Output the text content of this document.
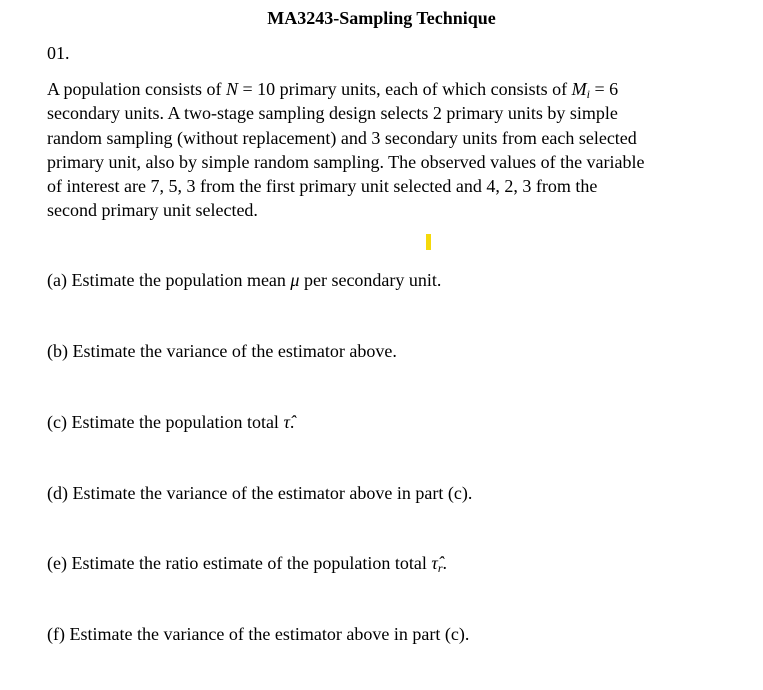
MA3243-Sampling Technique
01.
A population consists of N = 10 primary units, each of which consists of $M_i = 6$
secondary units. A two-stage sampling design selects 2 primary units by simple
random sampling (without replacement) and 3 secondary units from each selected
primary unit, also by simple random sampling. The observed values of the variable
of interest are 7, 5, 3 from the first primary unit selected and 4, 2, 3 from the
second primary unit selected.
(a) Estimate the population mean μ per secondary unit.
(b) Estimate the variance of the estimator above.
(c) Estimate the population total τ̂.
(d) Estimate the variance of the estimator above in part (c).
(e) Estimate the ratio estimate of the population total $\taû_r$.
(f) Estimate the variance of the estimator above in part (c).
